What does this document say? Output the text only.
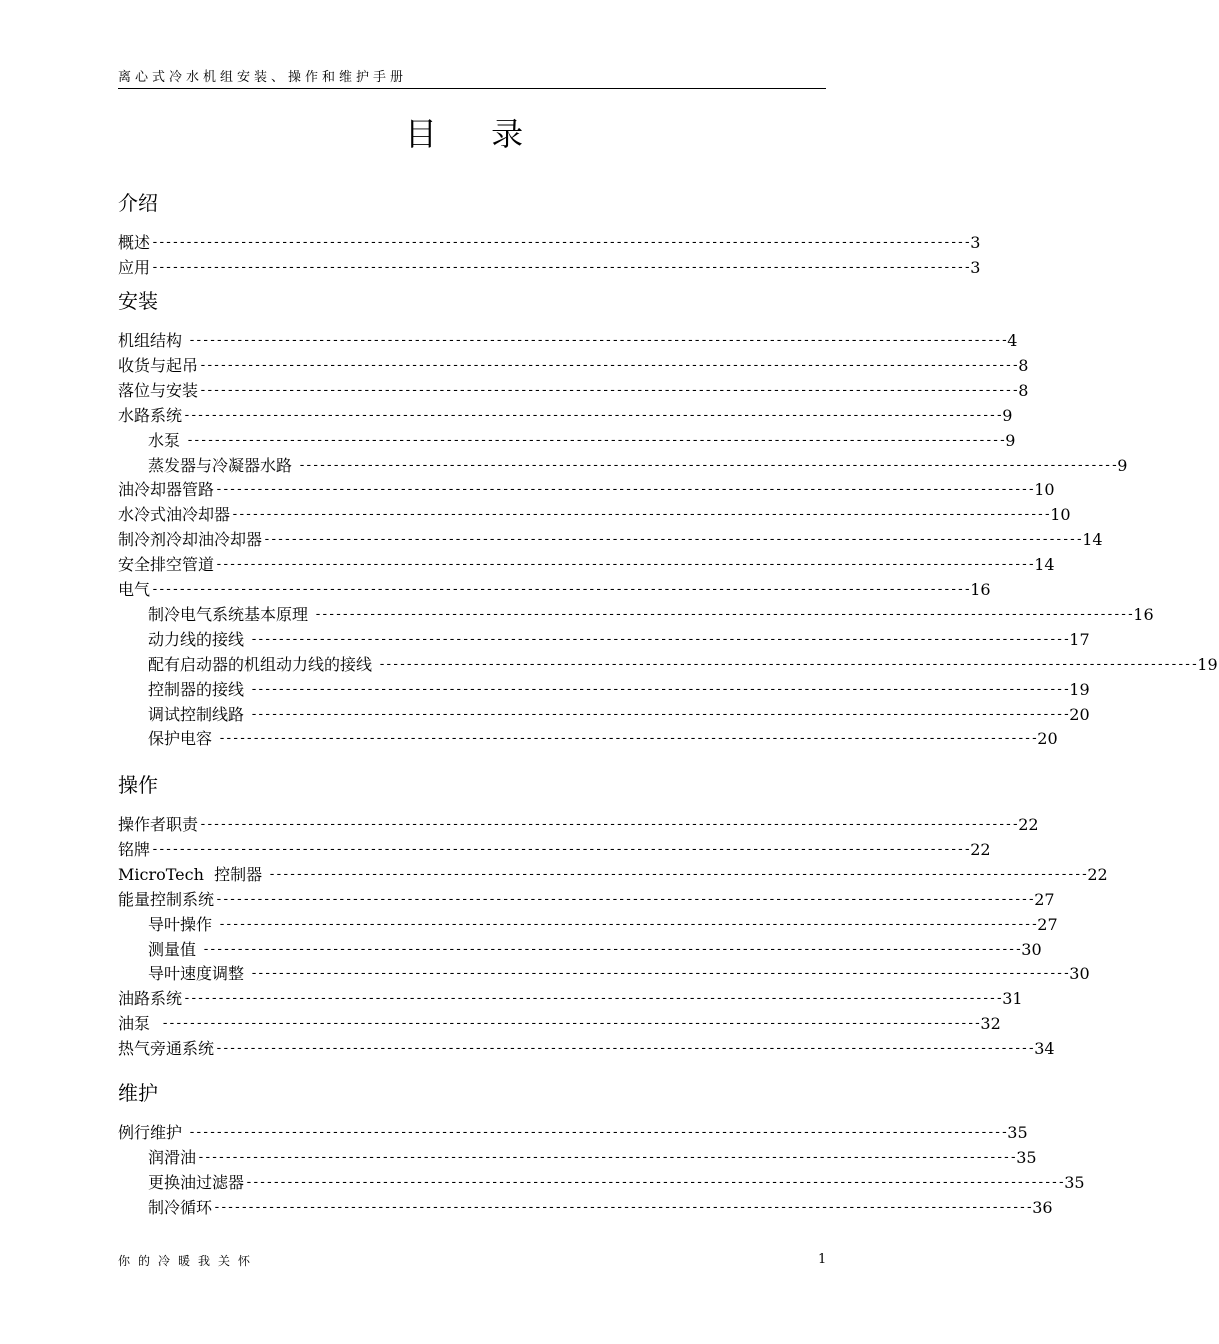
离心式冷水机组安装、操作和维护手册
目 录
介绍
概述 ------------------------------------------------------------------------------------------------------------------------ 3
应用 ------------------------------------------------------------------------------------------------------------------------ 3
安装
机组结构 ------------------------------------------------------------------------------------------------------------------------ 4
收货与起吊 ------------------------------------------------------------------------------------------------------------------------ 8
落位与安装 ------------------------------------------------------------------------------------------------------------------------ 8
水路系统 ------------------------------------------------------------------------------------------------------------------------ 9
水泵 ------------------------------------------------------------------------------------------------------------------------ 9
蒸发器与冷凝器水路 ------------------------------------------------------------------------------------------------------------------------ 9
油冷却器管路 ------------------------------------------------------------------------------------------------------------------------ 10
水冷式油冷却器 ------------------------------------------------------------------------------------------------------------------------ 10
制冷剂冷却油冷却器 ------------------------------------------------------------------------------------------------------------------------ 14
安全排空管道 ------------------------------------------------------------------------------------------------------------------------ 14
电气 ------------------------------------------------------------------------------------------------------------------------ 16
制冷电气系统基本原理 ------------------------------------------------------------------------------------------------------------------------ 16
动力线的接线 ------------------------------------------------------------------------------------------------------------------------ 17
配有启动器的机组动力线的接线 ------------------------------------------------------------------------------------------------------------------------ 19
控制器的接线 ------------------------------------------------------------------------------------------------------------------------ 19
调试控制线路 ------------------------------------------------------------------------------------------------------------------------ 20
保护电容 ------------------------------------------------------------------------------------------------------------------------ 20
操作
操作者职责 ------------------------------------------------------------------------------------------------------------------------ 22
铭牌 ------------------------------------------------------------------------------------------------------------------------ 22
MicroTech  控制器 ------------------------------------------------------------------------------------------------------------------------ 22
能量控制系统 ------------------------------------------------------------------------------------------------------------------------ 27
导叶操作 ------------------------------------------------------------------------------------------------------------------------ 27
测量值 ------------------------------------------------------------------------------------------------------------------------ 30
导叶速度调整 ------------------------------------------------------------------------------------------------------------------------ 30
油路系统 ------------------------------------------------------------------------------------------------------------------------ 31
油泵 ------------------------------------------------------------------------------------------------------------------------ 32
热气旁通系统 ------------------------------------------------------------------------------------------------------------------------ 34
维护
例行维护 ------------------------------------------------------------------------------------------------------------------------ 35
润滑油 ------------------------------------------------------------------------------------------------------------------------ 35
更换油过滤器 ------------------------------------------------------------------------------------------------------------------------ 35
制冷循环 ------------------------------------------------------------------------------------------------------------------------ 36
你的冷暖我关怀	1
